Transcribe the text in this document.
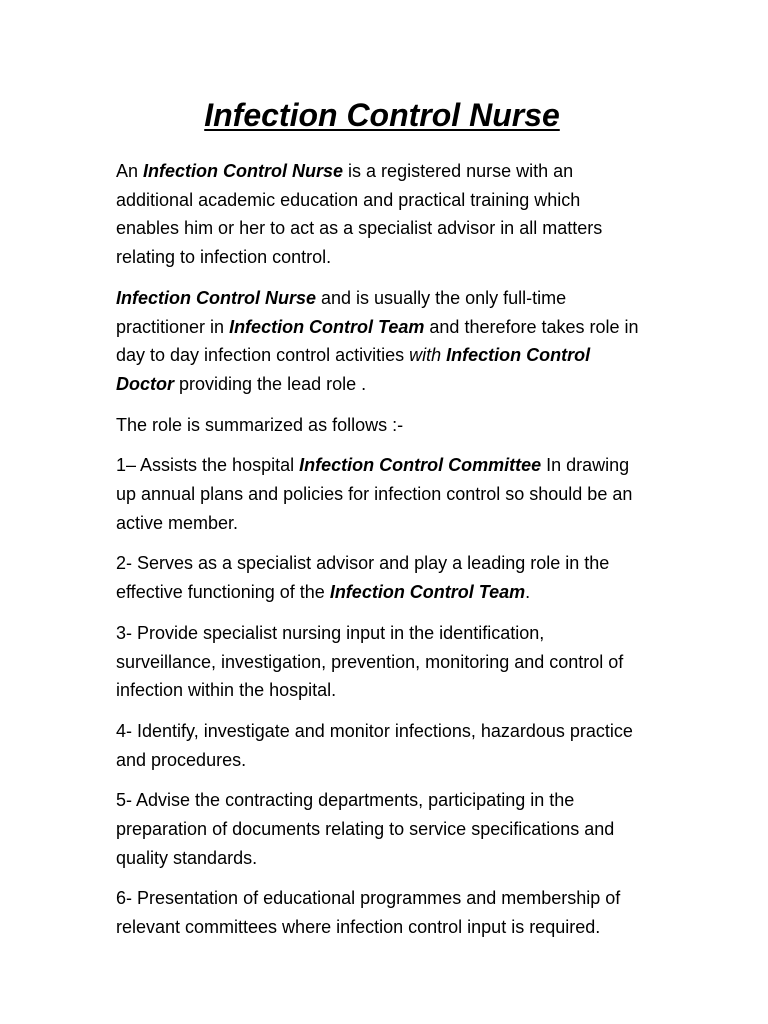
Infection Control Nurse

An Infection Control Nurse is a registered nurse with an additional academic education and practical training which enables him or her to act as a specialist advisor in all matters relating to infection control.

Infection Control Nurse and is usually the only full-time practitioner in Infection Control Team and therefore takes role in day to day infection control activities with Infection Control Doctor providing the lead role .

The role is summarized as follows :-

1– Assists the hospital Infection Control Committee In drawing up annual plans and policies for infection control so should be an active member.

2- Serves as a specialist advisor and play a leading role in the effective functioning of the Infection Control Team.

3- Provide specialist nursing input in the identification, surveillance, investigation, prevention, monitoring and control of infection within the hospital.

4- Identify, investigate and monitor infections, hazardous practice and procedures.

5- Advise the contracting departments, participating in the preparation of documents relating to service specifications and quality standards.

6- Presentation of educational programmes and membership of relevant committees where infection control input is required.
